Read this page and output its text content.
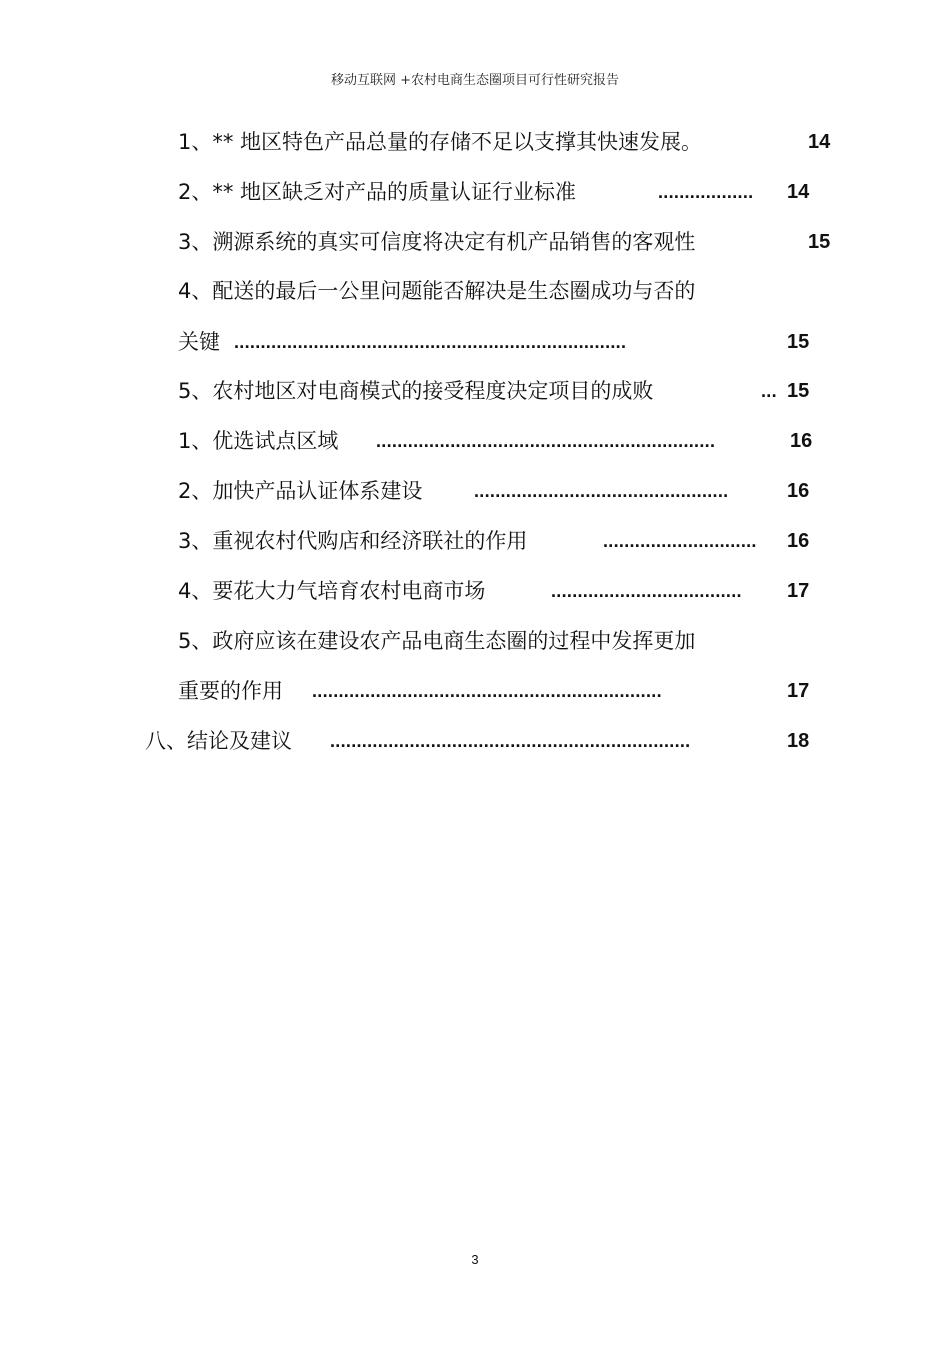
移动互联网 +农村电商生态圈项目可行性研究报告
1、** 地区特色产品总量的存储不足以支撑其快速发展。	14
2、** 地区缺乏对产品的质量认证行业标准	.................. 14
3、溯源系统的真实可信度将决定有机产品销售的客观性	15
4、配送的最后一公里问题能否解决是生态圈成功与否的
关键 ..........................................................................	15
5、农村地区对电商模式的接受程度决定项目的成败	... 15
1、优选试点区域 ................................................................	16
2、加快产品认证体系建设	................................................	16
3、重视农村代购店和经济联社的作用	............................. 16
4、要花大力气培育农村电商市场	.................................... 17
5、政府应该在建设农产品电商生态圈的过程中发挥更加
重要的作用 ..................................................................	17
八、结论及建议 ....................................................................	18
3
